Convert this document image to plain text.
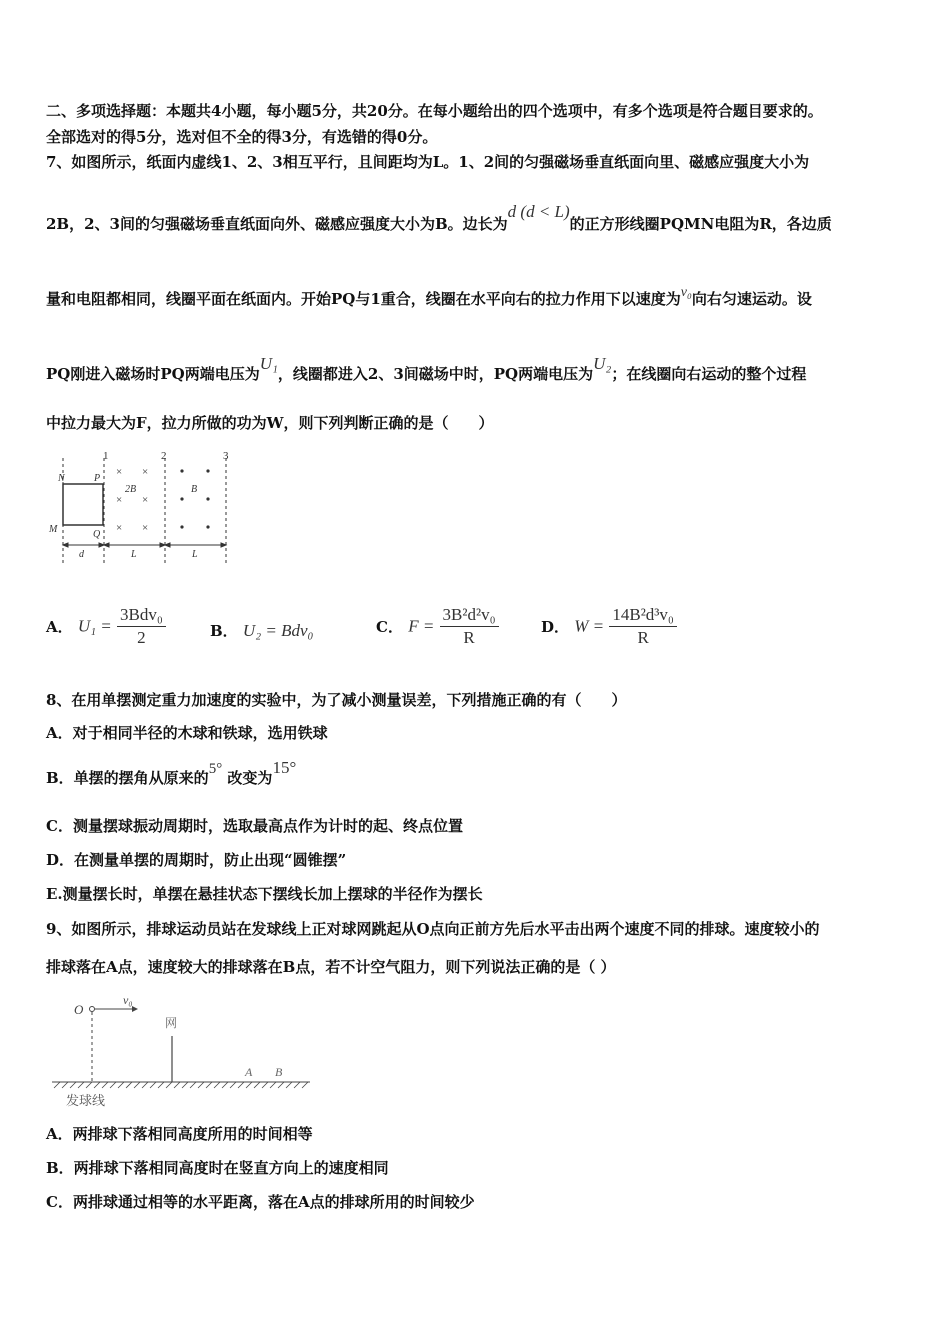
二、多项选择题：本题共4小题，每小题5分，共20分。在每小题给出的四个选项中，有多个选项是符合题目要求的。
全部选对的得5分，选对但不全的得3分，有选错的得0分。
7、如图所示，纸面内虚线1、2、3相互平行，且间距均为L。1、2间的匀强磁场垂直纸面向里、磁感应强度大小为
2B，2、3间的匀强磁场垂直纸面向外、磁感应强度大小为B。边长为d (d < L)的正方形线圈PQMN电阻为R，各边质
量和电阻都相同，线圈平面在纸面内。开始PQ与1重合，线圈在水平向右的拉力作用下以速度为v₀向右匀速运动。设
PQ刚进入磁场时PQ两端电压为U₁，线圈都进入2、3间磁场中时，PQ两端电压为U₂；在线圈向右运动的整个过程
中拉力最大为F，拉力所做的功为W，则下列判断正确的是（　　）
1	2	3
N	P
M	Q
× ×
× ×
× ×
2B	B
d	L	L
A． $U_1 = \frac{\text{3Bdv₀}}{2}$	B． U₂ = Bdv₀	C． $F = \frac{\text{3B²d²v₀}}{R}$	D． $W = \frac{\text{14B²d³v₀}}{R}$
8、在用单摆测定重力加速度的实验中，为了减小测量误差，下列措施正确的有（　　）
A．对于相同半径的木球和铁球，选用铁球
B．单摆的摆角从原来的5° 改变为15°
C．测量摆球振动周期时，选取最高点作为计时的起、终点位置
D．在测量单摆的周期时，防止出现“圆锥摆”
E.测量摆长时，单摆在悬挂状态下摆线长加上摆球的半径作为摆长
9、如图所示，排球运动员站在发球线上正对球网跳起从O点向正前方先后水平击出两个速度不同的排球。速度较小的
排球落在A点，速度较大的排球落在B点，若不计空气阻力，则下列说法正确的是（ ）
O
v₀
网
A B
发球线
A．两排球下落相同高度所用的时间相等
B．两排球下落相同高度时在竖直方向上的速度相同
C．两排球通过相等的水平距离，落在A点的排球所用的时间较少
